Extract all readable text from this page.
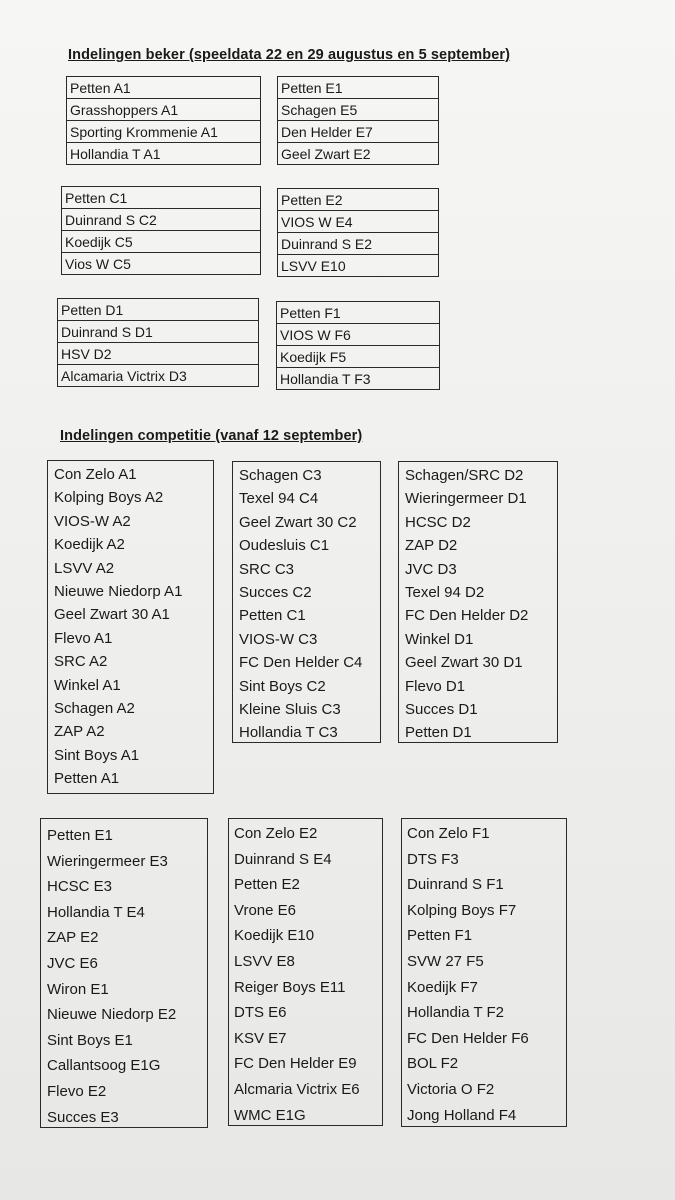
Indelingen beker (speeldata 22 en 29 augustus en 5 september)
Petten A1
Grasshoppers A1
Sporting Krommenie A1
Hollandia T A1
Petten E1
Schagen E5
Den Helder E7
Geel Zwart E2
Petten C1
Duinrand S C2
Koedijk C5
Vios W C5
Petten E2
VIOS W E4
Duinrand S E2
LSVV E10
Petten D1
Duinrand S D1
HSV D2
Alcamaria Victrix D3
Petten F1
VIOS W F6
Koedijk F5
Hollandia T F3
Indelingen competitie (vanaf 12 september)
Con Zelo A1
Kolping Boys A2
VIOS-W A2
Koedijk A2
LSVV A2
Nieuwe Niedorp A1
Geel Zwart 30 A1
Flevo A1
SRC A2
Winkel A1
Schagen A2
ZAP A2
Sint Boys A1
Petten A1
Schagen C3
Texel 94 C4
Geel Zwart 30 C2
Oudesluis C1
SRC C3
Succes C2
Petten C1
VIOS-W C3
FC Den Helder C4
Sint Boys C2
Kleine Sluis C3
Hollandia T C3
Schagen/SRC D2
Wieringermeer D1
HCSC D2
ZAP D2
JVC D3
Texel 94 D2
FC Den Helder D2
Winkel D1
Geel Zwart 30 D1
Flevo D1
Succes D1
Petten D1
Petten E1
Wieringermeer E3
HCSC E3
Hollandia T E4
ZAP E2
JVC E6
Wiron E1
Nieuwe Niedorp E2
Sint Boys E1
Callantsoog E1G
Flevo E2
Succes E3
Con Zelo E2
Duinrand S E4
Petten E2
Vrone E6
Koedijk E10
LSVV E8
Reiger Boys E11
DTS E6
KSV E7
FC Den Helder E9
Alcmaria Victrix E6
WMC E1G
Con Zelo F1
DTS F3
Duinrand S F1
Kolping Boys F7
Petten F1
SVW 27 F5
Koedijk F7
Hollandia T F2
FC Den Helder F6
BOL F2
Victoria O F2
Jong Holland F4
